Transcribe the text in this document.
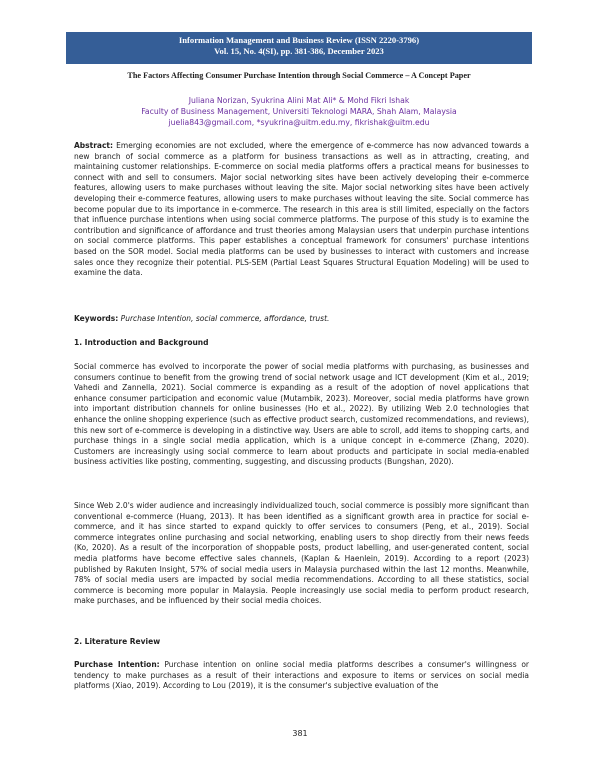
Information Management and Business Review (ISSN 2220-3796)
Vol. 15, No. 4(SI), pp. 381-386, December 2023
The Factors Affecting Consumer Purchase Intention through Social Commerce – A Concept Paper
Juliana Norizan, Syukrina Alini Mat Ali* & Mohd Fikri Ishak
Faculty of Business Management, Universiti Teknologi MARA, Shah Alam, Malaysia
juelia843@gmail.com, *syukrina@uitm.edu.my, fikrishak@uitm.edu
Abstract: Emerging economies are not excluded, where the emergence of e-commerce has now advanced towards a new branch of social commerce as a platform for business transactions as well as in attracting, creating, and maintaining customer relationships. E-commerce on social media platforms offers a practical means for businesses to connect with and sell to consumers. Major social networking sites have been actively developing their e-commerce features, allowing users to make purchases without leaving the site. Major social networking sites have been actively developing their e-commerce features, allowing users to make purchases without leaving the site. Social commerce has become popular due to its importance in e-commerce. The research in this area is still limited, especially on the factors that influence purchase intentions when using social commerce platforms. The purpose of this study is to examine the contribution and significance of affordance and trust theories among Malaysian users that underpin purchase intentions on social commerce platforms. This paper establishes a conceptual framework for consumers' purchase intentions based on the SOR model. Social media platforms can be used by businesses to interact with customers and increase sales once they recognize their potential. PLS-SEM (Partial Least Squares Structural Equation Modeling) will be used to examine the data.
Keywords: Purchase Intention, social commerce, affordance, trust.
1. Introduction and Background
Social commerce has evolved to incorporate the power of social media platforms with purchasing, as businesses and consumers continue to benefit from the growing trend of social network usage and ICT development (Kim et al., 2019; Vahedi and Zannella, 2021). Social commerce is expanding as a result of the adoption of novel applications that enhance consumer participation and economic value (Mutambik, 2023). Moreover, social media platforms have grown into important distribution channels for online businesses (Ho et al., 2022). By utilizing Web 2.0 technologies that enhance the online shopping experience (such as effective product search, customized recommendations, and reviews), this new sort of e-commerce is developing in a distinctive way. Users are able to scroll, add items to shopping carts, and purchase things in a single social media application, which is a unique concept in e-commerce (Zhang, 2020). Customers are increasingly using social commerce to learn about products and participate in social media-enabled business activities like posting, commenting, suggesting, and discussing products (Bungshan, 2020).
Since Web 2.0's wider audience and increasingly individualized touch, social commerce is possibly more significant than conventional e-commerce (Huang, 2013). It has been identified as a significant growth area in practice for social e-commerce, and it has since started to expand quickly to offer services to consumers (Peng, et al., 2019). Social commerce integrates online purchasing and social networking, enabling users to shop directly from their news feeds (Ko, 2020). As a result of the incorporation of shoppable posts, product labelling, and user-generated content, social media platforms have become effective sales channels, (Kaplan & Haenlein, 2019). According to a report (2023) published by Rakuten Insight, 57% of social media users in Malaysia purchased within the last 12 months. Meanwhile, 78% of social media users are impacted by social media recommendations. According to all these statistics, social commerce is becoming more popular in Malaysia. People increasingly use social media to perform product research, make purchases, and be influenced by their social media choices.
2. Literature Review
Purchase Intention: Purchase intention on online social media platforms describes a consumer's willingness or tendency to make purchases as a result of their interactions and exposure to items or services on social media platforms (Xiao, 2019). According to Lou (2019), it is the consumer's subjective evaluation of the
381
